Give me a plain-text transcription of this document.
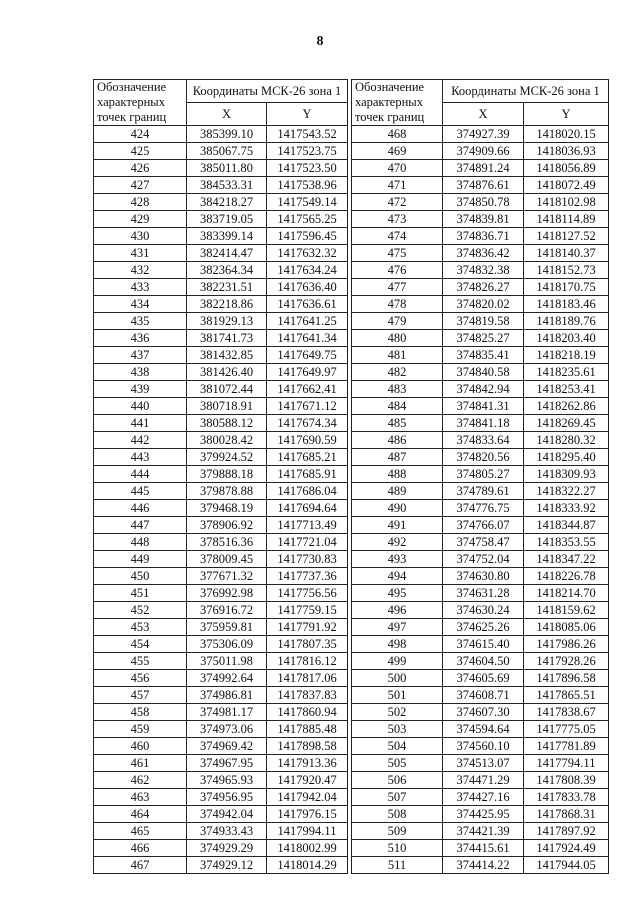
8
Обозначение характерных точек границ	Координаты МСК-26 зона 1	
	X	Y
424	385399.10	1417543.52
425	385067.75	1417523.75
426	385011.80	1417523.50
427	384533.31	1417538.96
428	384218.27	1417549.14
429	383719.05	1417565.25
430	383399.14	1417596.45
431	382414.47	1417632.32
432	382364.34	1417634.24
433	382231.51	1417636.40
434	382218.86	1417636.61
435	381929.13	1417641.25
436	381741.73	1417641.34
437	381432.85	1417649.75
438	381426.40	1417649.97
439	381072.44	1417662.41
440	380718.91	1417671.12
441	380588.12	1417674.34
442	380028.42	1417690.59
443	379924.52	1417685.21
444	379888.18	1417685.91
445	379878.88	1417686.04
446	379468.19	1417694.64
447	378906.92	1417713.49
448	378516.36	1417721.04
449	378009.45	1417730.83
450	377671.32	1417737.36
451	376992.98	1417756.56
452	376916.72	1417759.15
453	375959.81	1417791.92
454	375306.09	1417807.35
455	375011.98	1417816.12
456	374992.64	1417817.06
457	374986.81	1417837.83
458	374981.17	1417860.94
459	374973.06	1417885.48
460	374969.42	1417898.58
461	374967.95	1417913.36
462	374965.93	1417920.47
463	374956.95	1417942.04
464	374942.04	1417976.15
465	374933.43	1417994.11
466	374929.29	1418002.99
467	374929.12	1418014.29
Обозначение характерных точек границ	Координаты МСК-26 зона 1	
	X	Y
468	374927.39	1418020.15
469	374909.66	1418036.93
470	374891.24	1418056.89
471	374876.61	1418072.49
472	374850.78	1418102.98
473	374839.81	1418114.89
474	374836.71	1418127.52
475	374836.42	1418140.37
476	374832.38	1418152.73
477	374826.27	1418170.75
478	374820.02	1418183.46
479	374819.58	1418189.76
480	374825.27	1418203.40
481	374835.41	1418218.19
482	374840.58	1418235.61
483	374842.94	1418253.41
484	374841.31	1418262.86
485	374841.18	1418269.45
486	374833.64	1418280.32
487	374820.56	1418295.40
488	374805.27	1418309.93
489	374789.61	1418322.27
490	374776.75	1418333.92
491	374766.07	1418344.87
492	374758.47	1418353.55
493	374752.04	1418347.22
494	374630.80	1418226.78
495	374631.28	1418214.70
496	374630.24	1418159.62
497	374625.26	1418085.06
498	374615.40	1417986.26
499	374604.50	1417928.26
500	374605.69	1417896.58
501	374608.71	1417865.51
502	374607.30	1417838.67
503	374594.64	1417775.05
504	374560.10	1417781.89
505	374513.07	1417794.11
506	374471.29	1417808.39
507	374427.16	1417833.78
508	374425.95	1417868.31
509	374421.39	1417897.92
510	374415.61	1417924.49
511	374414.22	1417944.05
